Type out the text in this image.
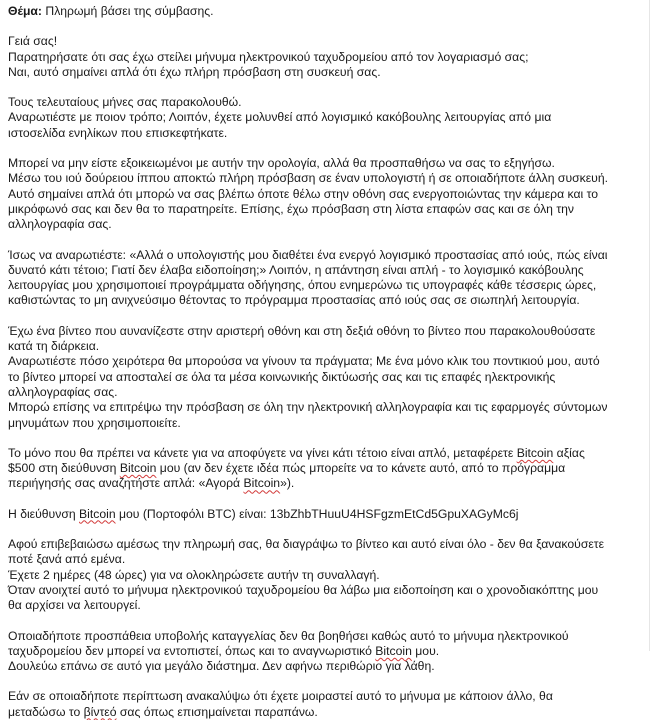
Θέμα: Πληρωμή βάσει της σύμβασης.

Γειά σας!
Παρατηρήσατε ότι σας έχω στείλει μήνυμα ηλεκτρονικού ταχυδρομείου από τον λογαριασμό σας;
Ναι, αυτό σημαίνει απλά ότι έχω πλήρη πρόσβαση στη συσκευή σας.

Τους τελευταίους μήνες σας παρακολουθώ.
Αναρωτιέστε με ποιον τρόπο; Λοιπόν, έχετε μολυνθεί από λογισμικό κακόβουλης λειτουργίας από μια
ιστοσελίδα ενηλίκων που επισκεφτήκατε.

Μπορεί να μην είστε εξοικειωμένοι με αυτήν την ορολογία, αλλά θα προσπαθήσω να σας το εξηγήσω.
Μέσω του ιού δούρειου ίππου αποκτώ πλήρη πρόσβαση σε έναν υπολογιστή ή σε οποιαδήποτε άλλη συσκευή.
Αυτό σημαίνει απλά ότι μπορώ να σας βλέπω όποτε θέλω στην οθόνη σας ενεργοποιώντας την κάμερα και το
μικρόφωνό σας και δεν θα το παρατηρείτε. Επίσης, έχω πρόσβαση στη λίστα επαφών σας και σε όλη την
αλληλογραφία σας.

Ίσως να αναρωτιέστε: «Αλλά ο υπολογιστής μου διαθέτει ένα ενεργό λογισμικό προστασίας από ιούς, πώς είναι
δυνατό κάτι τέτοιο; Γιατί δεν έλαβα ειδοποίηση;» Λοιπόν, η απάντηση είναι απλή - το λογισμικό κακόβουλης
λειτουργίας μου χρησιμοποιεί προγράμματα οδήγησης, όπου ενημερώνω τις υπογραφές κάθε τέσσερις ώρες,
καθιστώντας το μη ανιχνεύσιμο θέτοντας το πρόγραμμα προστασίας από ιούς σας σε σιωπηλή λειτουργία.

Έχω ένα βίντεο που αυνανίζεστε στην αριστερή οθόνη και στη δεξιά οθόνη το βίντεο που παρακολουθούσατε
κατά τη διάρκεια.
Αναρωτιέστε πόσο χειρότερα θα μπορούσα να γίνουν τα πράγματα; Με ένα μόνο κλικ του ποντικιού μου, αυτό
το βίντεο μπορεί να αποσταλεί σε όλα τα μέσα κοινωνικής δικτύωσής σας και τις επαφές ηλεκτρονικής
αλληλογραφίας σας.
Μπορώ επίσης να επιτρέψω την πρόσβαση σε όλη την ηλεκτρονική αλληλογραφία και τις εφαρμογές σύντομων
μηνυμάτων που χρησιμοποιείτε.

Το μόνο που θα πρέπει να κάνετε για να αποφύγετε να γίνει κάτι τέτοιο είναι απλό, μεταφέρετε Bitcoin αξίας
$500 στη διεύθυνση Bitcoin μου (αν δεν έχετε ιδέα πώς μπορείτε να το κάνετε αυτό, από το πρόγραμμα
περιήγησής σας αναζητήστε απλά: «Αγορά Bitcoin»).

Η διεύθυνση Bitcoin μου (Πορτοφόλι BTC) είναι: 13bZhbTHuuU4HSFgzmEtCd5GpuXAGyMc6j

Αφού επιβεβαιώσω αμέσως την πληρωμή σας, θα διαγράψω το βίντεο και αυτό είναι όλο - δεν θα ξανακούσετε
ποτέ ξανά από εμένα.
Έχετε 2 ημέρες (48 ώρες) για να ολοκληρώσετε αυτήν τη συναλλαγή.
Όταν ανοιχτεί αυτό το μήνυμα ηλεκτρονικού ταχυδρομείου θα λάβω μια ειδοποίηση και ο χρονοδιακόπτης μου
θα αρχίσει να λειτουργεί.

Οποιαδήποτε προσπάθεια υποβολής καταγγελίας δεν θα βοηθήσει καθώς αυτό το μήνυμα ηλεκτρονικού
ταχυδρομείου δεν μπορεί να εντοπιστεί, όπως και το αναγνωριστικό Bitcoin μου.
Δουλεύω επάνω σε αυτό για μεγάλο διάστημα. Δεν αφήνω περιθώριο για λάθη.

Εάν σε οποιαδήποτε περίπτωση ανακαλύψω ότι έχετε μοιραστεί αυτό το μήνυμα με κάποιον άλλο, θα
μεταδώσω το βίντεό σας όπως επισημαίνεται παραπάνω.
